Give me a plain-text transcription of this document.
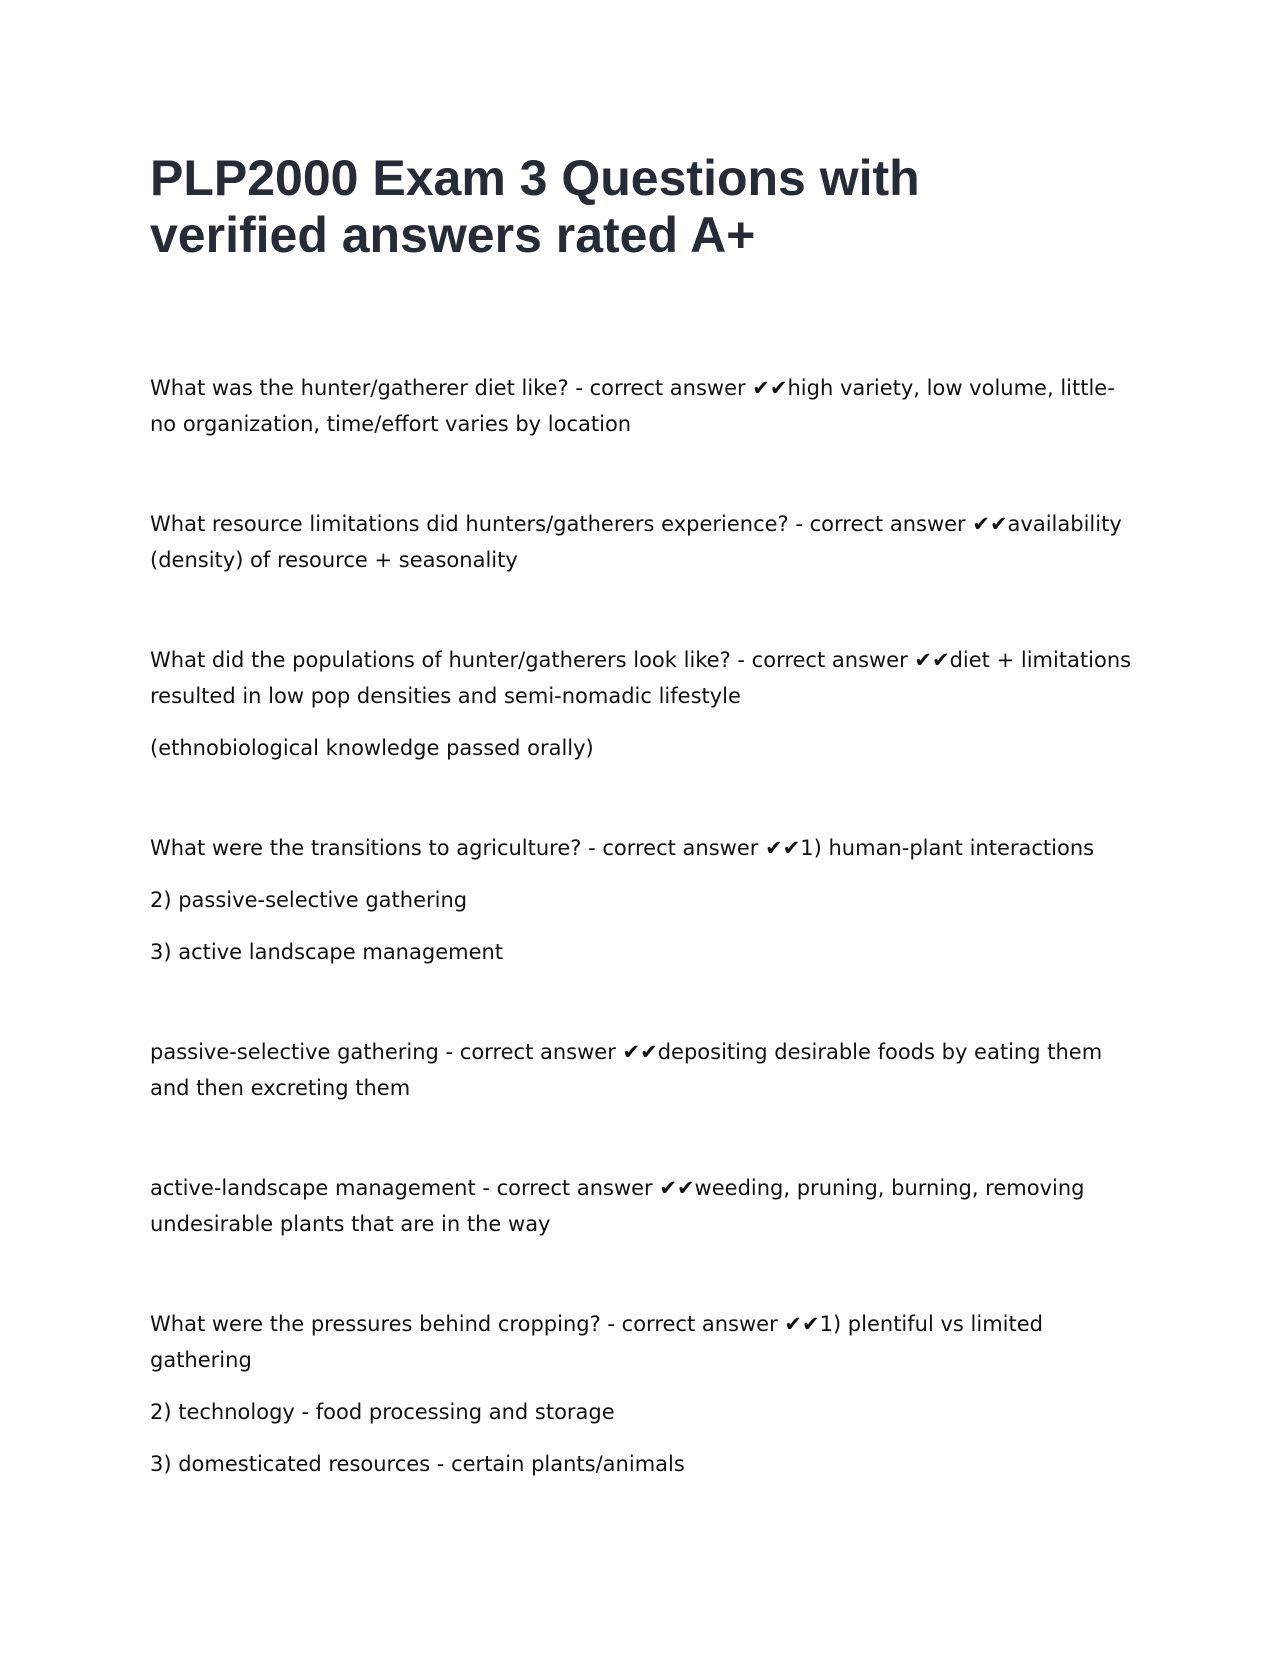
PLP2000 Exam 3 Questions with verified answers rated A+

What was the hunter/gatherer diet like? - correct answer ✔✔high variety, low volume, little-no organization, time/effort varies by location

What resource limitations did hunters/gatherers experience? - correct answer ✔✔availability (density) of resource + seasonality

What did the populations of hunter/gatherers look like? - correct answer ✔✔diet + limitations resulted in low pop densities and semi-nomadic lifestyle

(ethnobiological knowledge passed orally)

What were the transitions to agriculture? - correct answer ✔✔1) human-plant interactions

2) passive-selective gathering

3) active landscape management

passive-selective gathering - correct answer ✔✔depositing desirable foods by eating them and then excreting them

active-landscape management - correct answer ✔✔weeding, pruning, burning, removing undesirable plants that are in the way

What were the pressures behind cropping? - correct answer ✔✔1) plentiful vs limited gathering

2) technology - food processing and storage

3) domesticated resources - certain plants/animals
